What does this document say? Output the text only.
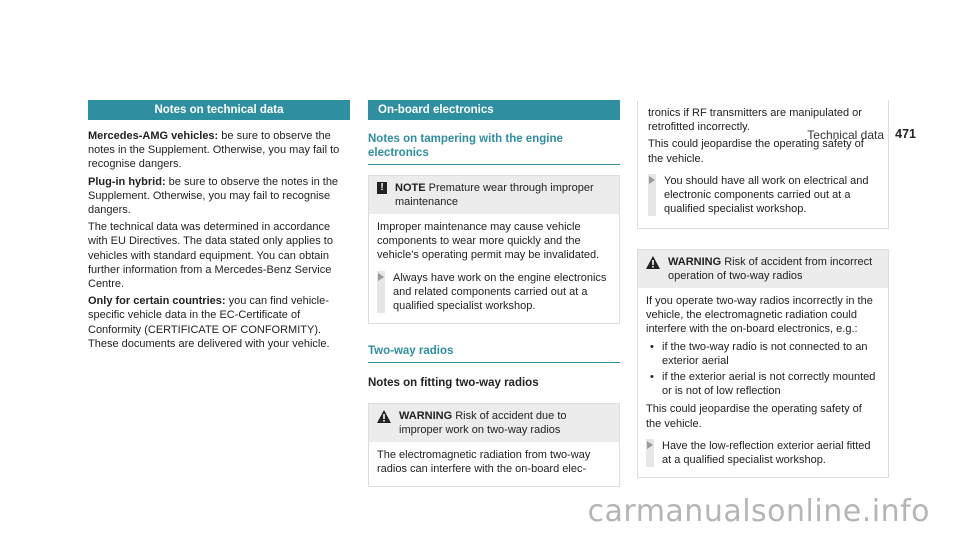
Technical data 471
Notes on technical data

Mercedes-AMG vehicles: be sure to observe the notes in the Supplement. Otherwise, you may fail to recognise dangers.

Plug-in hybrid: be sure to observe the notes in the Supplement. Otherwise, you may fail to recognise dangers.

The technical data was determined in accordance with EU Directives. The data stated only applies to vehicles with standard equipment. You can obtain further information from a Mercedes-Benz Service Centre.

Only for certain countries: you can find vehicle-specific vehicle data in the EC-Certificate of Conformity (CERTIFICATE OF CONFORMITY). These documents are delivered with your vehicle.

On-board electronics
Notes on tampering with the engine electronics
!	NOTE Premature wear through improper maintenance

Improper maintenance may cause vehicle components to wear more quickly and the vehicle's operating permit may be invalidated.

Always have work on the engine electronics and related components carried out at a qualified specialist workshop.
Two-way radios
Notes on fitting two-way radios
WARNING Risk of accident due to improper work on two-way radios

The electromagnetic radiation from two-way radios can interfere with the on-board elec-

tronics if RF transmitters are manipulated or retrofitted incorrectly.

This could jeopardise the operating safety of the vehicle.

You should have all work on electrical and electronic components carried out at a qualified specialist workshop.
WARNING Risk of accident from incorrect operation of two-way radios

If you operate two-way radios incorrectly in the vehicle, the electromagnetic radiation could interfere with the on-board electronics, e.g.:

• if the two-way radio is not connected to an exterior aerial
• if the exterior aerial is not correctly mounted or is not of low reflection

This could jeopardise the operating safety of the vehicle.

Have the low-reflection exterior aerial fitted at a qualified specialist workshop.
carmanualsonline.info
